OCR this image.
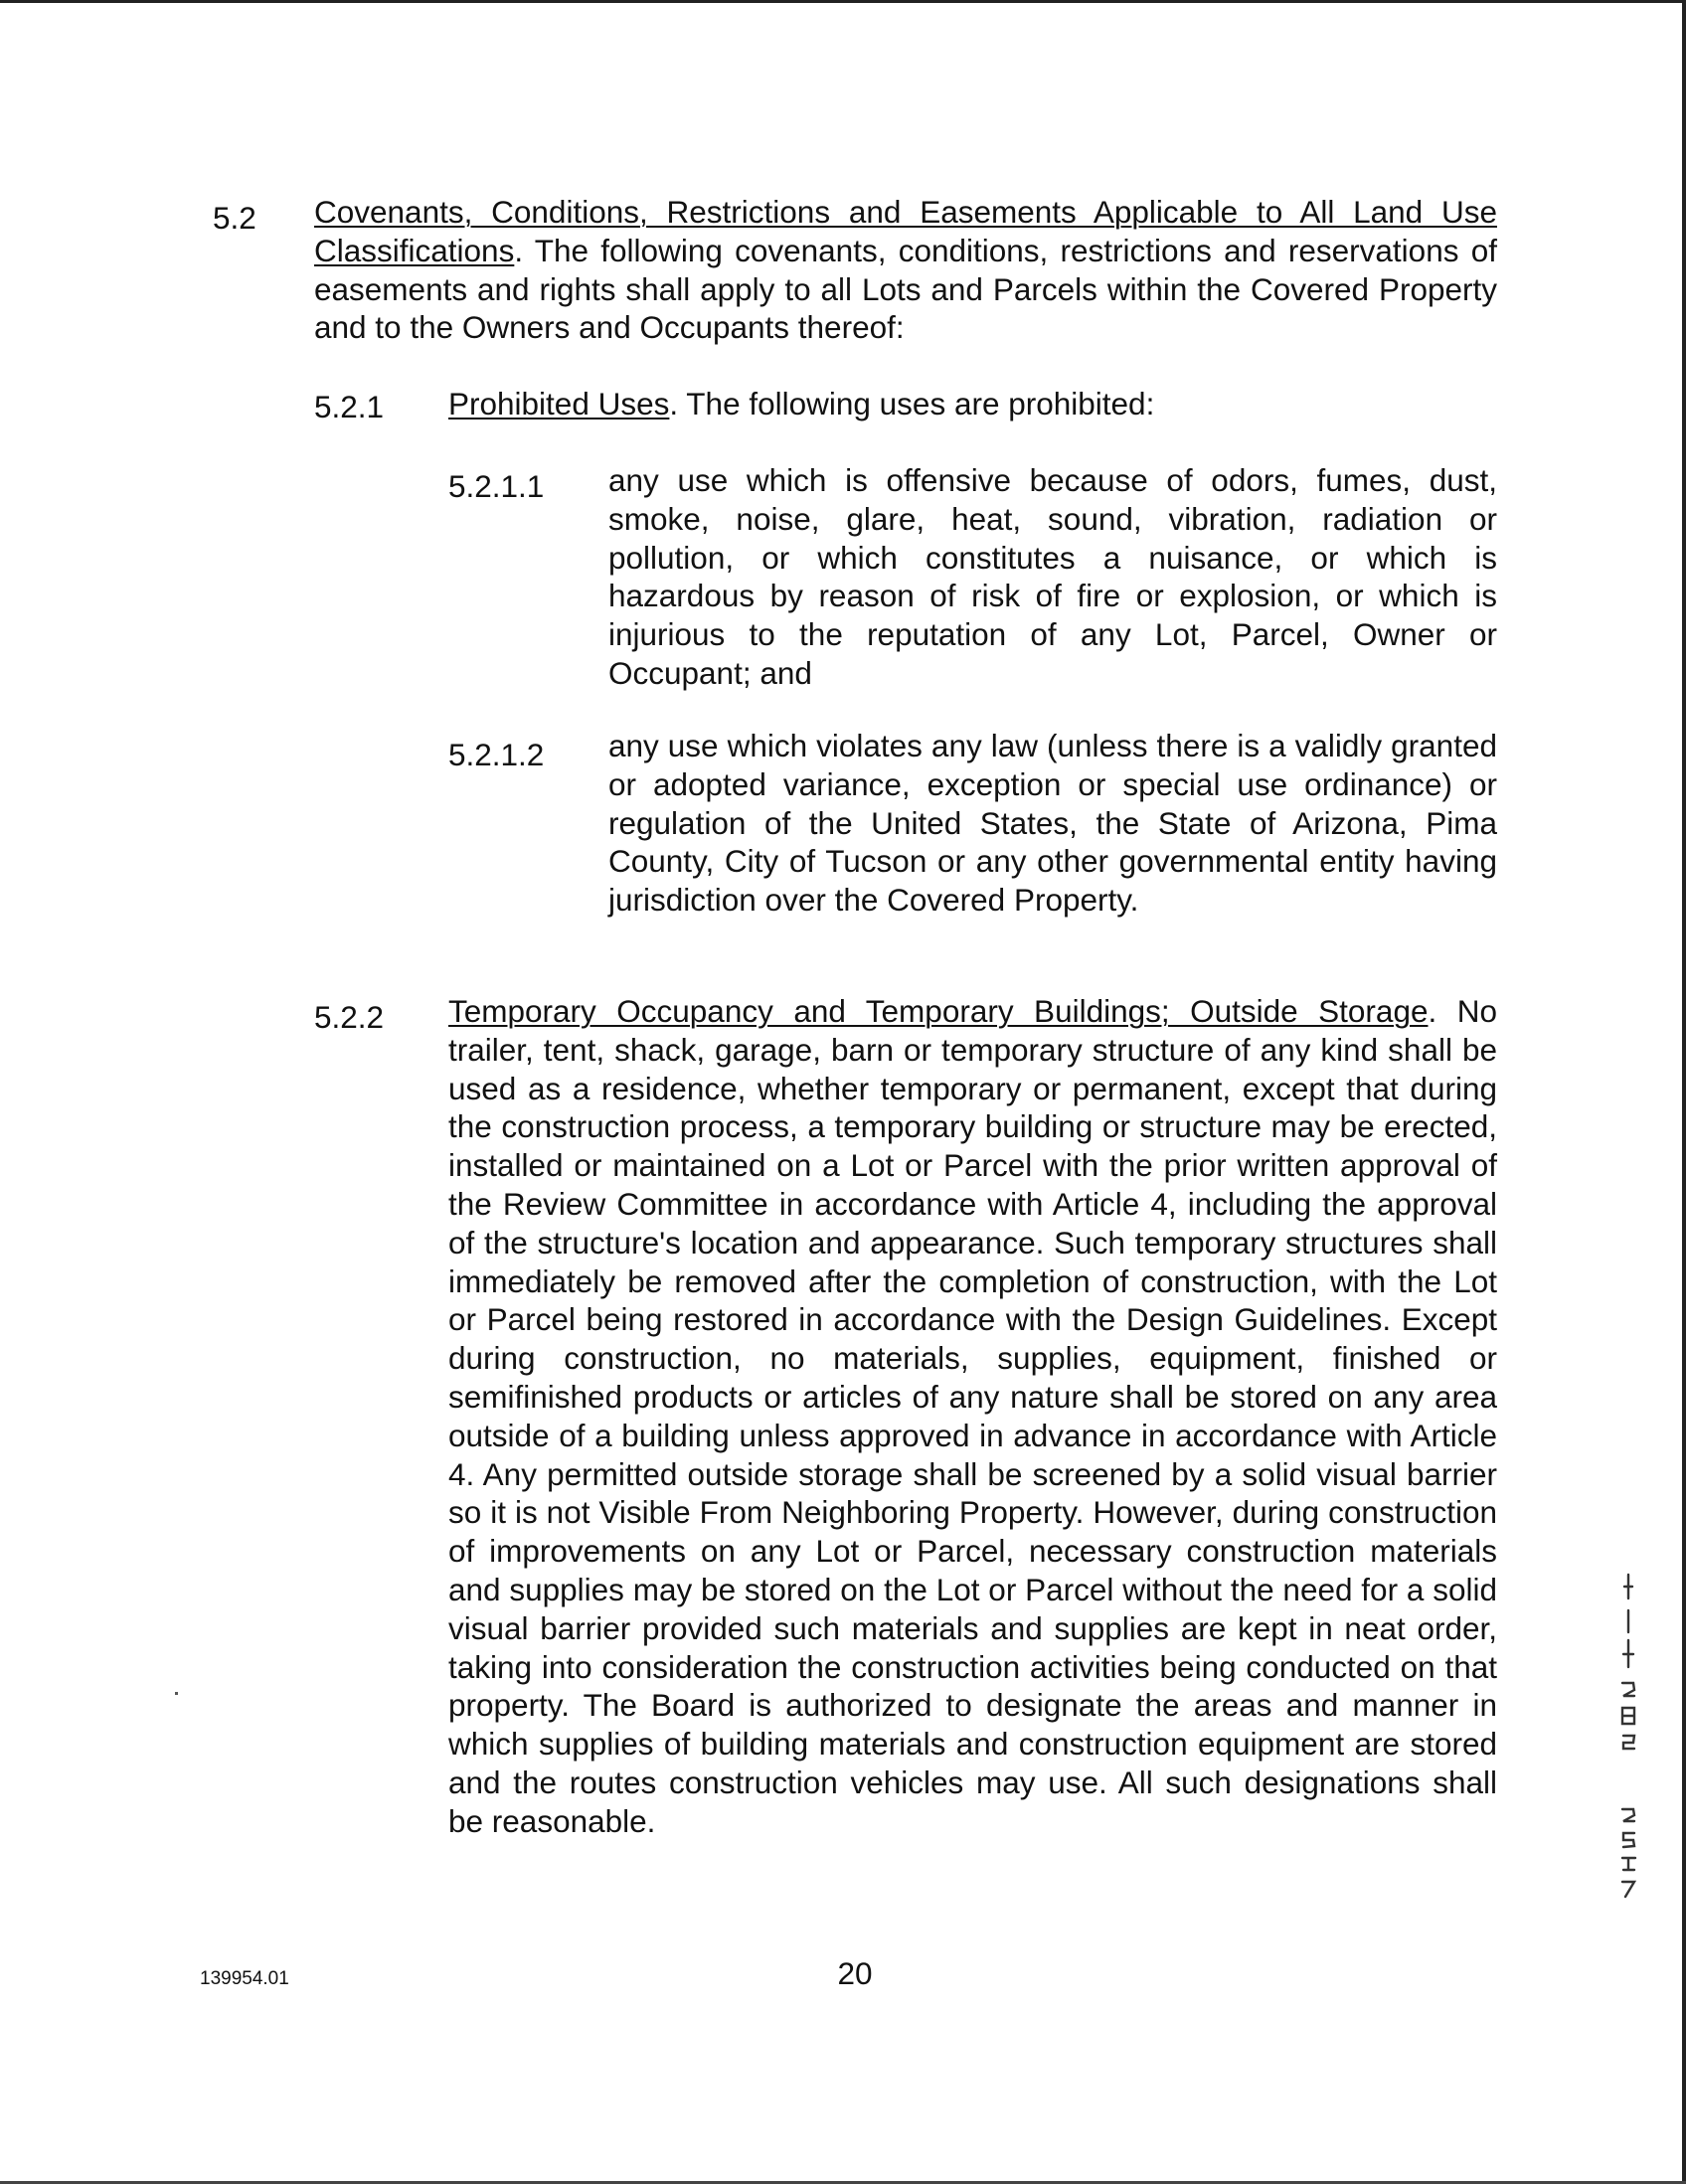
5.2 Covenants, Conditions, Restrictions and Easements Applicable to All Land Use Classifications. The following covenants, conditions, restrictions and reservations of easements and rights shall apply to all Lots and Parcels within the Covered Property and to the Owners and Occupants thereof:
5.2.1 Prohibited Uses. The following uses are prohibited:
5.2.1.1 any use which is offensive because of odors, fumes, dust, smoke, noise, glare, heat, sound, vibration, radiation or pollution, or which constitutes a nuisance, or which is hazardous by reason of risk of fire or explosion, or which is injurious to the reputation of any Lot, Parcel, Owner or Occupant; and
5.2.1.2 any use which violates any law (unless there is a validly granted or adopted variance, exception or special use ordinance) or regulation of the United States, the State of Arizona, Pima County, City of Tucson or any other governmental entity having jurisdiction over the Covered Property.
5.2.2 Temporary Occupancy and Temporary Buildings; Outside Storage. No trailer, tent, shack, garage, barn or temporary structure of any kind shall be used as a residence, whether temporary or permanent, except that during the construction process, a temporary building or structure may be erected, installed or maintained on a Lot or Parcel with the prior written approval of the Review Committee in accordance with Article 4, including the approval of the structure's location and appearance. Such temporary structures shall immediately be removed after the completion of construction, with the Lot or Parcel being restored in accordance with the Design Guidelines. Except during construction, no materials, supplies, equipment, finished or semifinished products or articles of any nature shall be stored on any area outside of a building unless approved in advance in accordance with Article 4. Any permitted outside storage shall be screened by a solid visual barrier so it is not Visible From Neighboring Property. However, during construction of improvements on any Lot or Parcel, necessary construction materials and supplies may be stored on the Lot or Parcel without the need for a solid visual barrier provided such materials and supplies are kept in neat order, taking into consideration the construction activities being conducted on that property. The Board is authorized to designate the areas and manner in which supplies of building materials and construction equipment are stored and the routes construction vehicles may use. All such designations shall be reasonable.
139954.01	20
